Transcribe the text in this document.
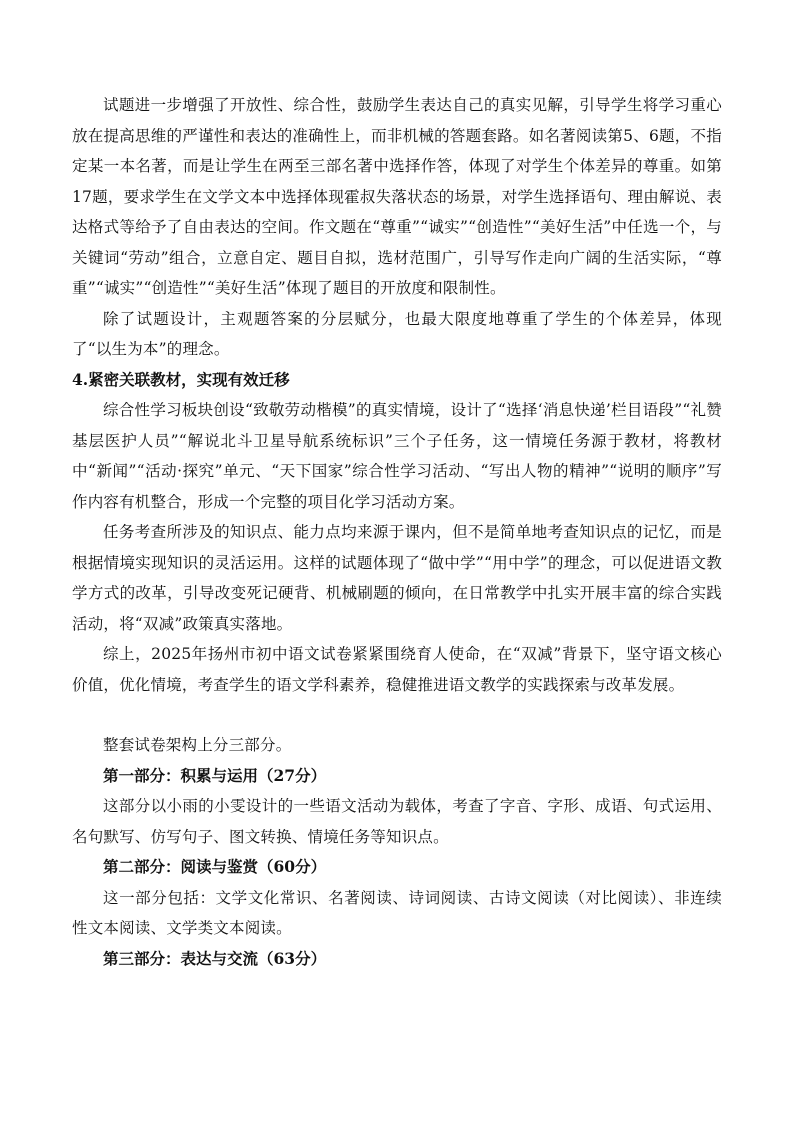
试题进一步增强了开放性、综合性，鼓励学生表达自己的真实见解，引导学生将学习重心放在提高思维的严谨性和表达的准确性上，而非机械的答题套路。如名著阅读第5、6题，不指定某一本名著，而是让学生在两至三部名著中选择作答，体现了对学生个体差异的尊重。如第17题，要求学生在文学文本中选择体现霍叔失落状态的场景，对学生选择语句、理由解说、表达格式等给予了自由表达的空间。作文题在“尊重”“诚实”“创造性”“美好生活”中任选一个，与关键词“劳动”组合，立意自定、题目自拟，选材范围广，引导写作走向广阔的生活实际，“尊重”“诚实”“创造性”“美好生活”体现了题目的开放度和限制性。

除了试题设计，主观题答案的分层赋分，也最大限度地尊重了学生的个体差异，体现了“以生为本”的理念。

4.紧密关联教材，实现有效迁移

综合性学习板块创设“致敬劳动楷模”的真实情境，设计了“选择‘消息快递’栏目语段”“礼赞基层医护人员”“解说北斗卫星导航系统标识”三个子任务，这一情境任务源于教材，将教材中“新闻”“活动·探究”单元、“天下国家”综合性学习活动、“写出人物的精神”“说明的顺序”写作内容有机整合，形成一个完整的项目化学习活动方案。

任务考查所涉及的知识点、能力点均来源于课内，但不是简单地考查知识点的记忆，而是根据情境实现知识的灵活运用。这样的试题体现了“做中学”“用中学”的理念，可以促进语文教学方式的改革，引导改变死记硬背、机械刷题的倾向，在日常教学中扎实开展丰富的综合实践活动，将“双减”政策真实落地。

综上，2025年扬州市初中语文试卷紧紧围绕育人使命，在“双减”背景下，坚守语文核心价值，优化情境，考查学生的语文学科素养，稳健推进语文教学的实践探索与改革发展。

整套试卷架构上分三部分。

第一部分：积累与运用（27分）

这部分以小雨的小雯设计的一些语文活动为载体，考查了字音、字形、成语、句式运用、名句默写、仿写句子、图文转换、情境任务等知识点。

第二部分：阅读与鉴赏（60分）

这一部分包括：文学文化常识、名著阅读、诗词阅读、古诗文阅读（对比阅读）、非连续性文本阅读、文学类文本阅读。

第三部分：表达与交流（63分）
